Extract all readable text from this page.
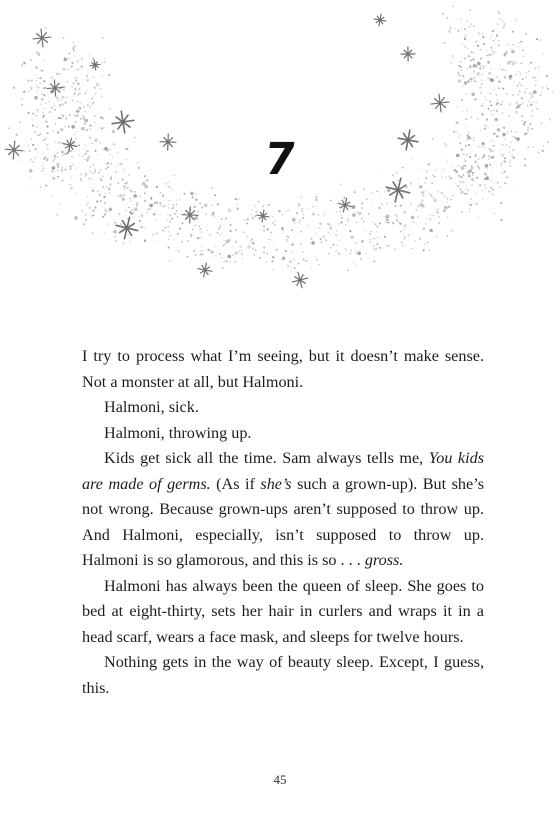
7

I try to process what I’m seeing, but it doesn’t make sense. Not a monster at all, but Halmoni.

Halmoni, sick.

Halmoni, throwing up.

Kids get sick all the time. Sam always tells me, You kids are made of germs. (As if she’s such a grown-up). But she’s not wrong. Because grown-ups aren’t supposed to throw up. And Halmoni, especially, isn’t supposed to throw up. Halmoni is so glamorous, and this is so . . . gross.

Halmoni has always been the queen of sleep. She goes to bed at eight-thirty, sets her hair in curlers and wraps it in a head scarf, wears a face mask, and sleeps for twelve hours.

Nothing gets in the way of beauty sleep. Except, I guess, this.

45
